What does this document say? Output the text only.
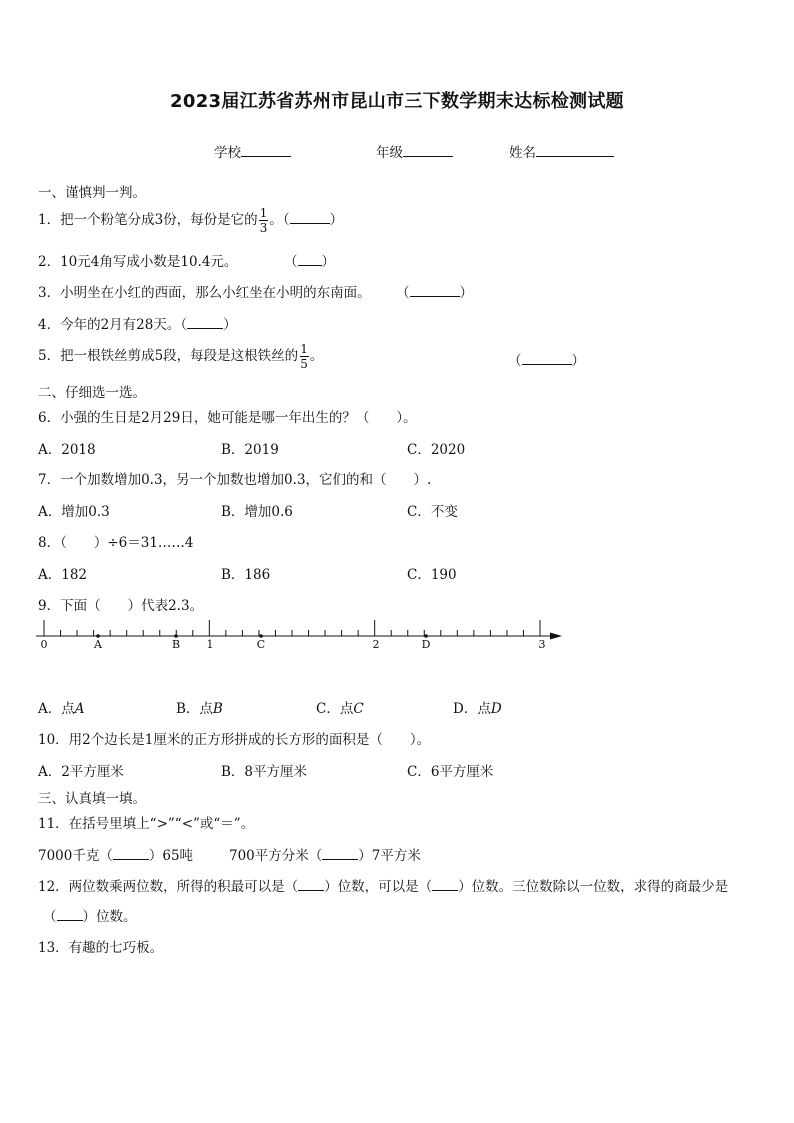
2023届江苏省苏州市昆山市三下数学期末达标检测试题
学校	年级	姓名
一、谨慎判一判。
1．把一个粉笔分成3份，每份是它的 $\frac{1}{3}$ 。（	）
2．10元4角写成小数是10.4元。	（ ）
3．小明坐在小红的西面，那么小红坐在小明的东南面。 （	）
4．今年的2月有28天。（	）
5．把一根铁丝剪成5段，每段是这根铁丝的 $\frac{1}{5}$ 。	（	）
二、仔细选一选。
6．小强的生日是2月29日，她可能是哪一年出生的？（　　）。
A．2018	B．2019	C．2020
7．一个加数增加0.3，另一个加数也增加0.3，它们的和（　　）.
A．增加0.3	B．增加0.6	C．不变
8．（　　）÷6＝31……4
A．182	B．186	C．190
9．下面（　　）代表2.3。
0	A	B 1	C	2	D	3
A．点A	B．点B	C．点C	D．点D
10．用2个边长是1厘米的正方形拼成的长方形的面积是（　　）。
A．2平方厘米	B．8平方厘米	C．6平方厘米
三、认真填一填。
11．在括号里填上“>”“<”或“＝”。
7000千克（	）65吨	700平方分米（	）7平方米
12．两位数乘两位数，所得的积最可以是（ ）位数，可以是（ ）位数。三位数除以一位数，求得的商最少是
（ ）位数。
13．有趣的七巧板。
